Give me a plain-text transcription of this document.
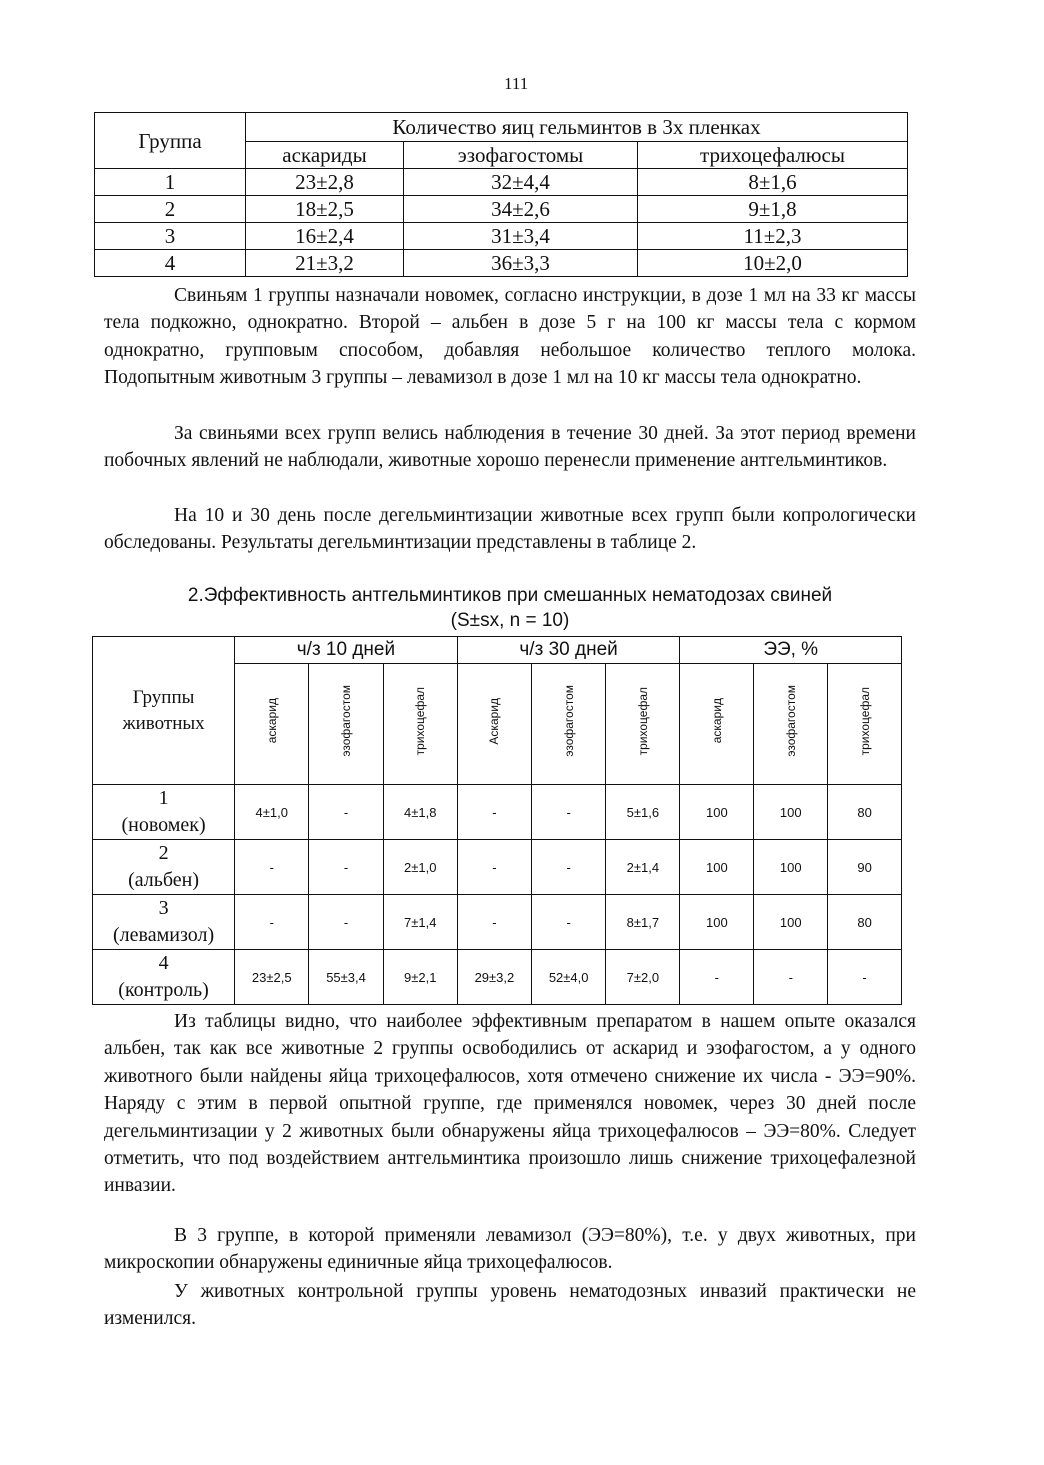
111
Группа	Количество яиц гельминтов в 3х пленках		
	аскариды	эзофагостомы	трихоцефалюсы
1	23±2,8	32±4,4	8±1,6
2	18±2,5	34±2,6	9±1,8
3	16±2,4	31±3,4	11±2,3
4	21±3,2	36±3,3	10±2,0

Свиньям 1 группы назначали новомек, согласно инструкции, в дозе 1 мл на 33 кг массы тела подкожно, однократно. Второй – альбен в дозе 5 г на 100 кг массы тела с кормом однократно, групповым способом, добавляя небольшое количество теплого молока. Подопытным животным 3 группы – левамизол в дозе 1 мл на 10 кг массы тела однократно.

За свиньями всех групп велись наблюдения в течение 30 дней. За этот период времени побочных явлений не наблюдали, животные хорошо перенесли применение антгельминтиков.

На 10 и 30 день после дегельминтизации животные всех групп были копрологически обследованы. Результаты дегельминтизации представлены в таблице 2.

2.Эффективность антгельминтиков при смешанных нематодозах свиней
(S±sx, n = 10)
Группы животных	ч/з 10 дней			ч/з 30 дней			ЭЭ, %		
	аскарид	эзофагостом	трихоцефал	Аскарид	эзофагостом	трихоцефал	аскарид	эзофагостом	трихоцефал
1
(новомек)	4±1,0	-	4±1,8	-	-	5±1,6	100	100	80
2
(альбен)	-	-	2±1,0	-	-	2±1,4	100	100	90
3
(левамизол)	-	-	7±1,4	-	-	8±1,7	100	100	80
4
(контроль)	23±2,5	55±3,4	9±2,1	29±3,2	52±4,0	7±2,0	-	-	-

Из таблицы видно, что наиболее эффективным препаратом в нашем опыте оказался альбен, так как все животные 2 группы освободились от аскарид и эзофагостом, а у одного животного были найдены яйца трихоцефалюсов, хотя отмечено снижение их числа - ЭЭ=90%. Наряду с этим в первой опытной группе, где применялся новомек, через 30 дней после дегельминтизации у 2 животных были обнаружены яйца трихоцефалюсов – ЭЭ=80%. Следует отметить, что под воздействием антгельминтика произошло лишь снижение трихоцефалезной инвазии.

В 3 группе, в которой применяли левамизол (ЭЭ=80%), т.е. у двух животных, при микроскопии обнаружены единичные яйца трихоцефалюсов.

У животных контрольной группы уровень нематодозных инвазий практически не изменился.
